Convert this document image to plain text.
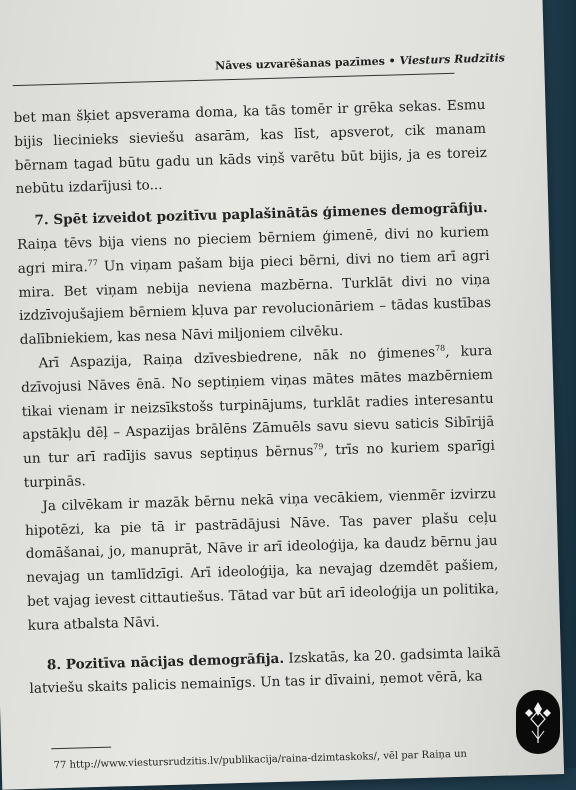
Nāves uzvarēšanas pazīmes • Viesturs Rudzītis

bet man šķiet apsverama doma, ka tās tomēr ir grēka sekas. Esmu bijis liecinieks sieviešu asarām, kas līst, apsverot, cik manam bērnam tagad būtu gadu un kāds viņš varētu būt bijis, ja es toreiz nebūtu izdarījusi to...

7. Spēt izveidot pozitīvu paplašinātās ģimenes demogrāfiju.

Raiņa tēvs bija viens no pieciem bērniem ģimenē, divi no kuriem agri mira.$^{77}$ Un viņam pašam bija pieci bērni, divi no tiem arī agri mira. Bet viņam nebija neviena mazbērna. Turklāt divi no viņa izdzīvojušajiem bērniem kļuva par revolucionāriem – tādas kustības dalībniekiem, kas nesa Nāvi miljoniem cilvēku.

Arī Aspazija, Raiņa dzīvesbiedrene, nāk no ģimenes$^{78}$, kura dzīvojusi Nāves ēnā. No septiņiem viņas mātes mātes mazbērniem tikai vienam ir neizsīkstošs turpinājums, turklāt radies interesantu apstākļu dēļ – Aspazijas brālēns Zāmuēls savu sievu saticis Sibīrijā un tur arī radījis savus septiņus bērnus$^{79}$, trīs no kuriem sparīgi turpinās.

Ja cilvēkam ir mazāk bērnu nekā viņa vecākiem, vienmēr izvirzu hipotēzi, ka pie tā ir pastrādājusi Nāve. Tas paver plašu ceļu domāšanai, jo, manuprāt, Nāve ir arī ideoloģija, ka daudz bērnu jau nevajag un tamlīdzīgi. Arī ideoloģija, ka nevajag dzemdēt pašiem, bet vajag ievest cittautiešus. Tātad var būt arī ideoloģija un politika, kura atbalsta Nāvi.

8. Pozitīva nācijas demogrāfija. Izskatās, ka 20. gadsimta laikā latviešu skaits palicis nemainīgs. Un tas ir dīvaini, ņemot vērā, ka

77 http://www.viestursrudzitis.lv/publikacija/raina-dzimtaskoks/, vēl par Raiņa un
